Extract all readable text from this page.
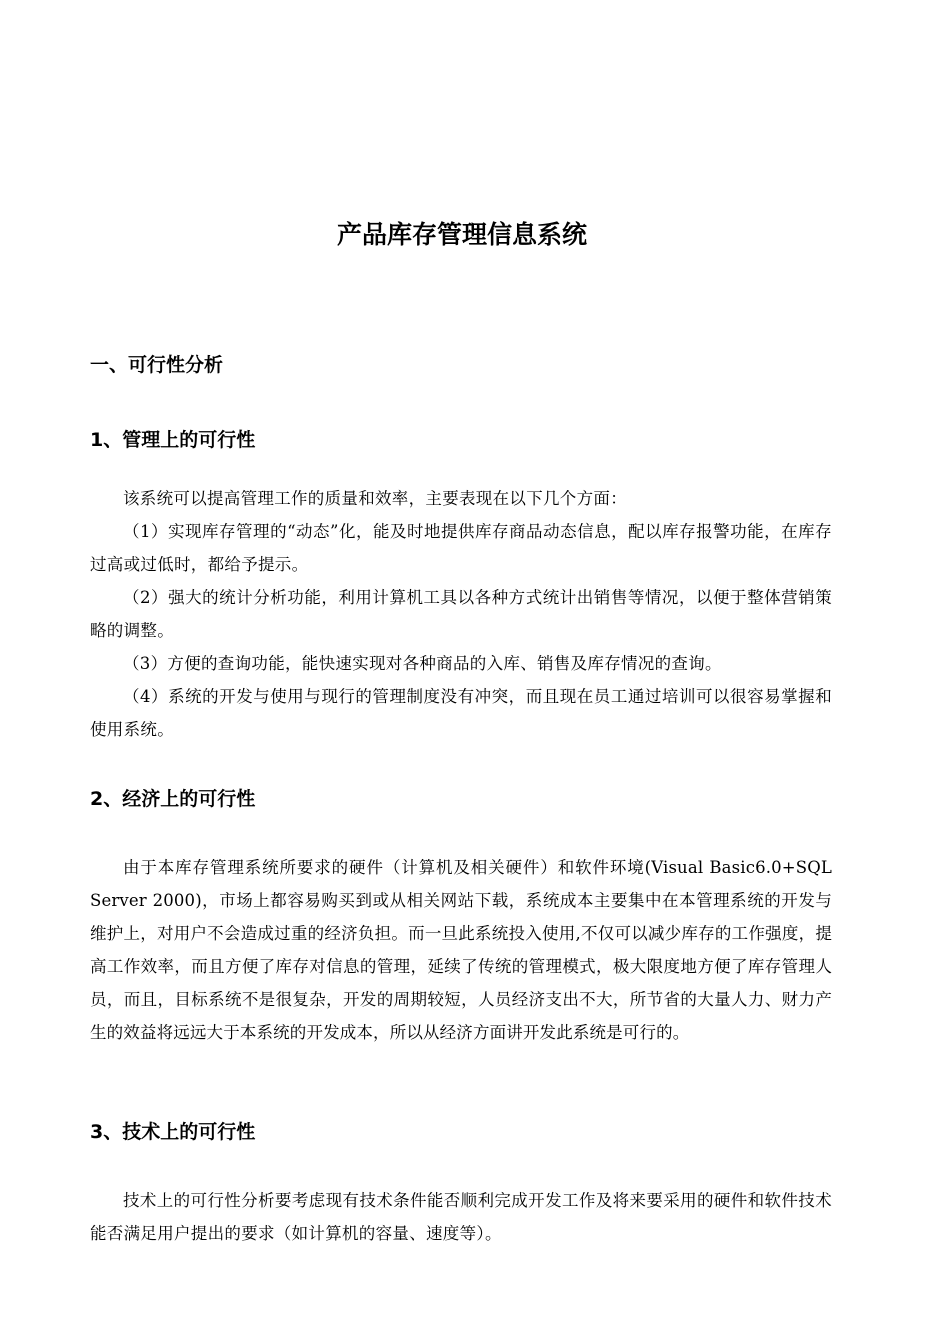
产品库存管理信息系统
一、可行性分析
1、管理上的可行性

该系统可以提高管理工作的质量和效率，主要表现在以下几个方面：

（1）实现库存管理的“动态”化，能及时地提供库存商品动态信息，配以库存报警功能，在库存过高或过低时，都给予提示。

（2）强大的统计分析功能，利用计算机工具以各种方式统计出销售等情况，以便于整体营销策略的调整。

（3）方便的查询功能，能快速实现对各种商品的入库、销售及库存情况的查询。

（4）系统的开发与使用与现行的管理制度没有冲突，而且现在员工通过培训可以很容易掌握和使用系统。

2、经济上的可行性

由于本库存管理系统所要求的硬件（计算机及相关硬件）和软件环境(Visual Basic6.0+SQL Server 2000)，市场上都容易购买到或从相关网站下载，系统成本主要集中在本管理系统的开发与维护上，对用户不会造成过重的经济负担。而一旦此系统投入使用,不仅可以减少库存的工作强度，提高工作效率，而且方便了库存对信息的管理，延续了传统的管理模式，极大限度地方便了库存管理人员，而且，目标系统不是很复杂，开发的周期较短，人员经济支出不大，所节省的大量人力、财力产生的效益将远远大于本系统的开发成本，所以从经济方面讲开发此系统是可行的。

3、技术上的可行性

技术上的可行性分析要考虑现有技术条件能否顺利完成开发工作及将来要采用的硬件和软件技术能否满足用户提出的要求（如计算机的容量、速度等）。
